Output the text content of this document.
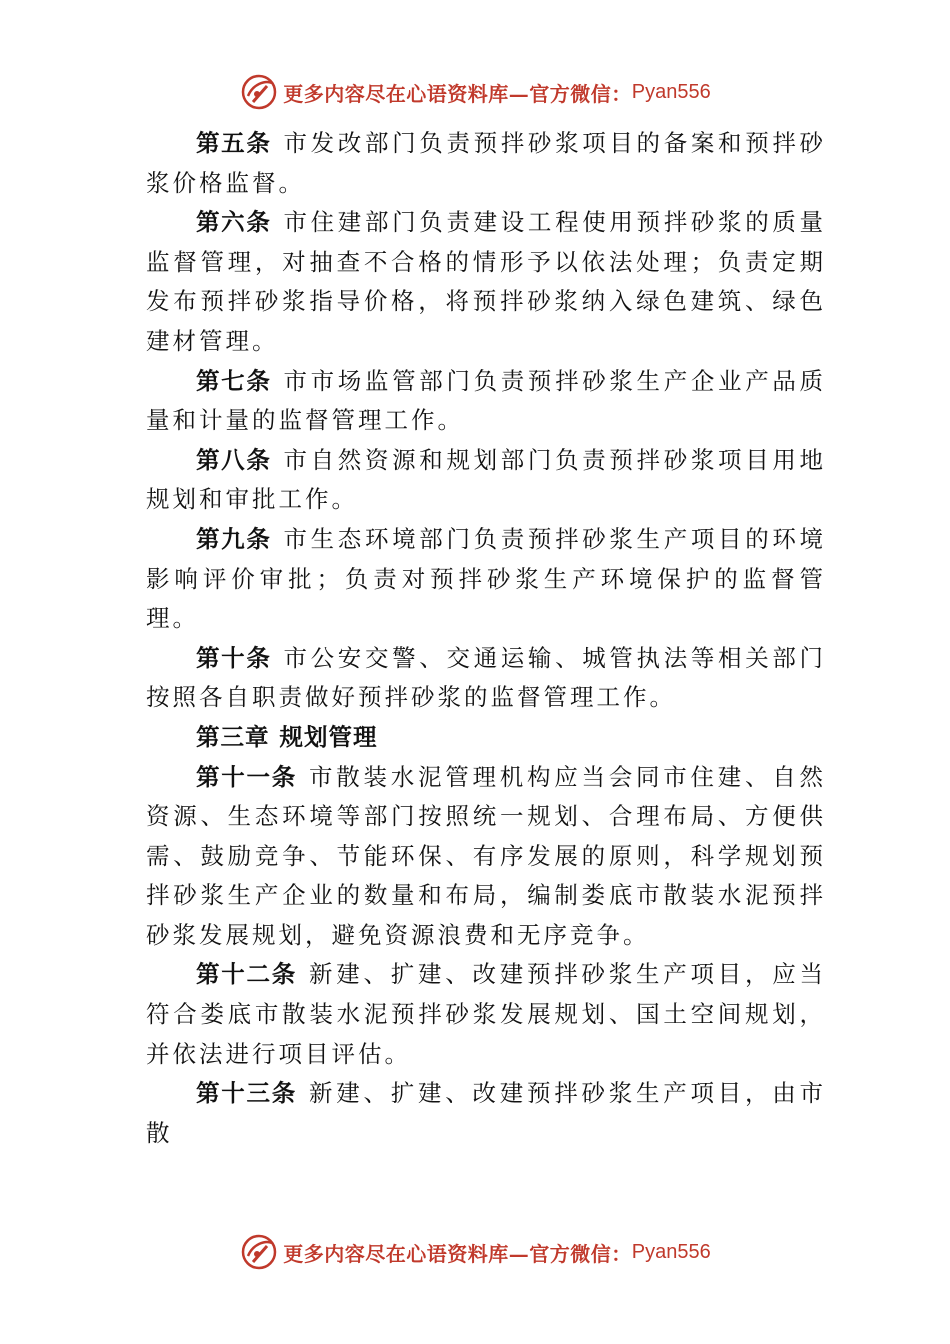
更多内容尽在心语资料库—官方微信： Pyan556

第五条 市发改部门负责预拌砂浆项目的备案和预拌砂浆价格监督。

第六条 市住建部门负责建设工程使用预拌砂浆的质量监督管理，对抽查不合格的情形予以依法处理；负责定期发布预拌砂浆指导价格，将预拌砂浆纳入绿色建筑、绿色建材管理。

第七条 市市场监管部门负责预拌砂浆生产企业产品质量和计量的监督管理工作。

第八条 市自然资源和规划部门负责预拌砂浆项目用地规划和审批工作。

第九条 市生态环境部门负责预拌砂浆生产项目的环境影响评价审批；负责对预拌砂浆生产环境保护的监督管理。

第十条 市公安交警、交通运输、城管执法等相关部门按照各自职责做好预拌砂浆的监督管理工作。

第三章 规划管理

第十一条 市散装水泥管理机构应当会同市住建、自然资源、生态环境等部门按照统一规划、合理布局、方便供需、鼓励竞争、节能环保、有序发展的原则，科学规划预拌砂浆生产企业的数量和布局，编制娄底市散装水泥预拌砂浆发展规划，避免资源浪费和无序竞争。

第十二条 新建、扩建、改建预拌砂浆生产项目，应当符合娄底市散装水泥预拌砂浆发展规划、国土空间规划，并依法进行项目评估。

第十三条 新建、扩建、改建预拌砂浆生产项目，由市散

更多内容尽在心语资料库—官方微信： Pyan556
